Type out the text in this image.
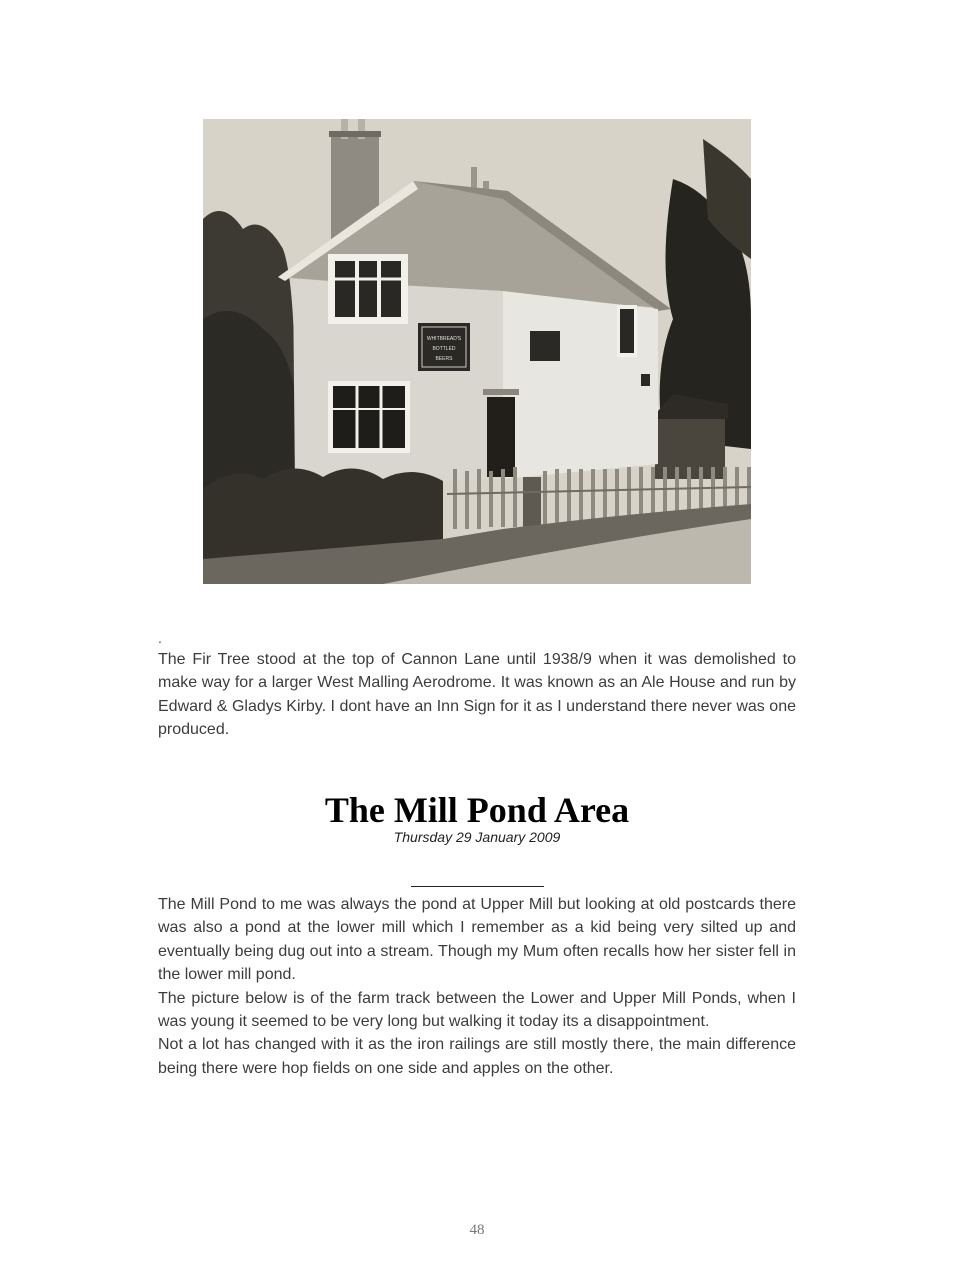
WHITBREAD'S
BOTTLED
BEERS
.

The Fir Tree stood at the top of Cannon Lane until 1938/9 when it was demolished to make way for a larger West Malling Aerodrome. It was known as an Ale House and run by Edward & Gladys Kirby. I dont have an Inn Sign for it as I understand there never was one produced.

The Mill Pond Area
Thursday 29 January 2009

The Mill Pond to me was always the pond at Upper Mill but looking at old postcards there was also a pond at the lower mill which I remember as a kid being very silted up and eventually being dug out into a stream. Though my Mum often recalls how her sister fell in the lower mill pond.

The picture below is of the farm track between the Lower and Upper Mill Ponds, when I was young it seemed to be very long but walking it today its a disappointment.

Not a lot has changed with it as the iron railings are still mostly there, the main difference being there were hop fields on one side and apples on the other.

48
